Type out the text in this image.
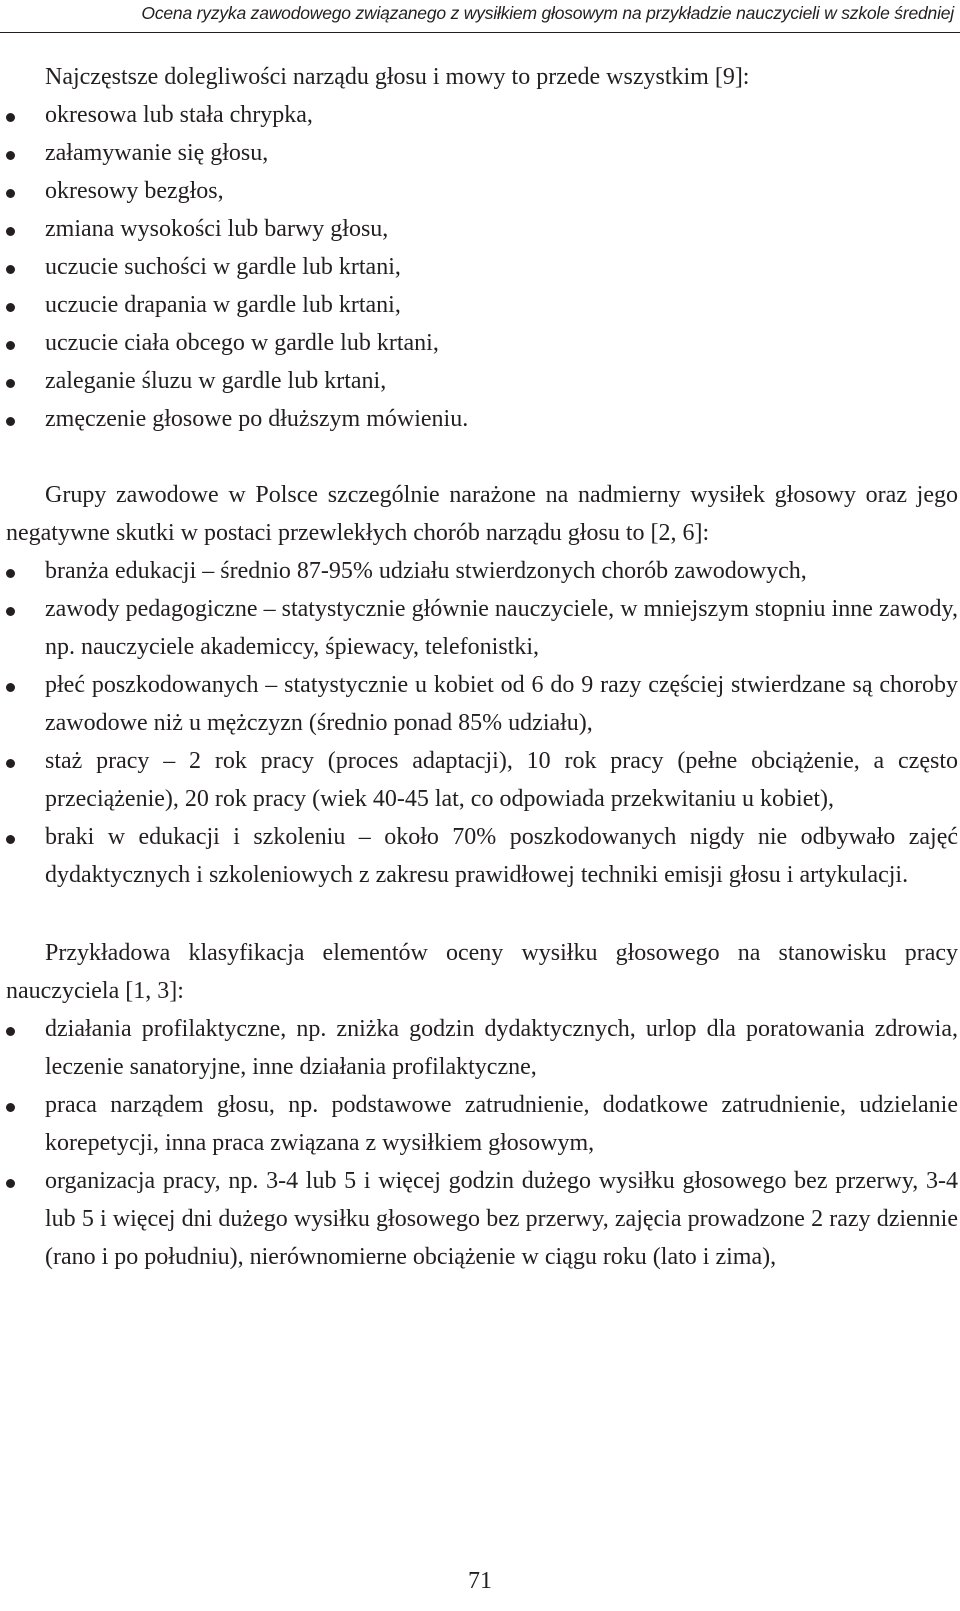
Ocena ryzyka zawodowego związanego z wysiłkiem głosowym na przykładzie nauczycieli w szkole średniej

Najczęstsze dolegliwości narządu głosu i mowy to przede wszystkim [9]:

okresowa lub stała chrypka,
załamywanie się głosu,
okresowy bezgłos,
zmiana wysokości lub barwy głosu,
uczucie suchości w gardle lub krtani,
uczucie drapania w gardle lub krtani,
uczucie ciała obcego w gardle lub krtani,
zaleganie śluzu w gardle lub krtani,
zmęczenie głosowe po dłuższym mówieniu.

Grupy zawodowe w Polsce szczególnie narażone na nadmierny wysiłek głosowy oraz jego negatywne skutki w postaci przewlekłych chorób narządu głosu to [2, 6]:

branża edukacji – średnio 87-95% udziału stwierdzonych chorób zawodowych,
zawody pedagogiczne – statystycznie głównie nauczyciele, w mniejszym stopniu inne zawody, np. nauczyciele akademiccy, śpiewacy, telefonistki,
płeć poszkodowanych – statystycznie u kobiet od 6 do 9 razy częściej stwierdzane są choroby zawodowe niż u mężczyzn (średnio ponad 85% udziału),
staż pracy – 2 rok pracy (proces adaptacji), 10 rok pracy (pełne obciążenie, a często przeciążenie), 20 rok pracy (wiek 40-45 lat, co odpowiada przekwitaniu u kobiet),
braki w edukacji i szkoleniu – około 70% poszkodowanych nigdy nie odbywało zajęć dydaktycznych i szkoleniowych z zakresu prawidłowej techniki emisji głosu i artykulacji.

Przykładowa klasyfikacja elementów oceny wysiłku głosowego na stanowisku pracy nauczyciela [1, 3]:

działania profilaktyczne, np. zniżka godzin dydaktycznych, urlop dla poratowania zdrowia, leczenie sanatoryjne, inne działania profilaktyczne,
praca narządem głosu, np. podstawowe zatrudnienie, dodatkowe zatrudnienie, udzielanie korepetycji, inna praca związana z wysiłkiem głosowym,
organizacja pracy, np. 3-4 lub 5 i więcej godzin dużego wysiłku głosowego bez przerwy, 3-4 lub 5 i więcej dni dużego wysiłku głosowego bez przerwy, zajęcia prowadzone 2 razy dziennie (rano i po południu), nierównomierne obciążenie w ciągu roku (lato i zima),
71
